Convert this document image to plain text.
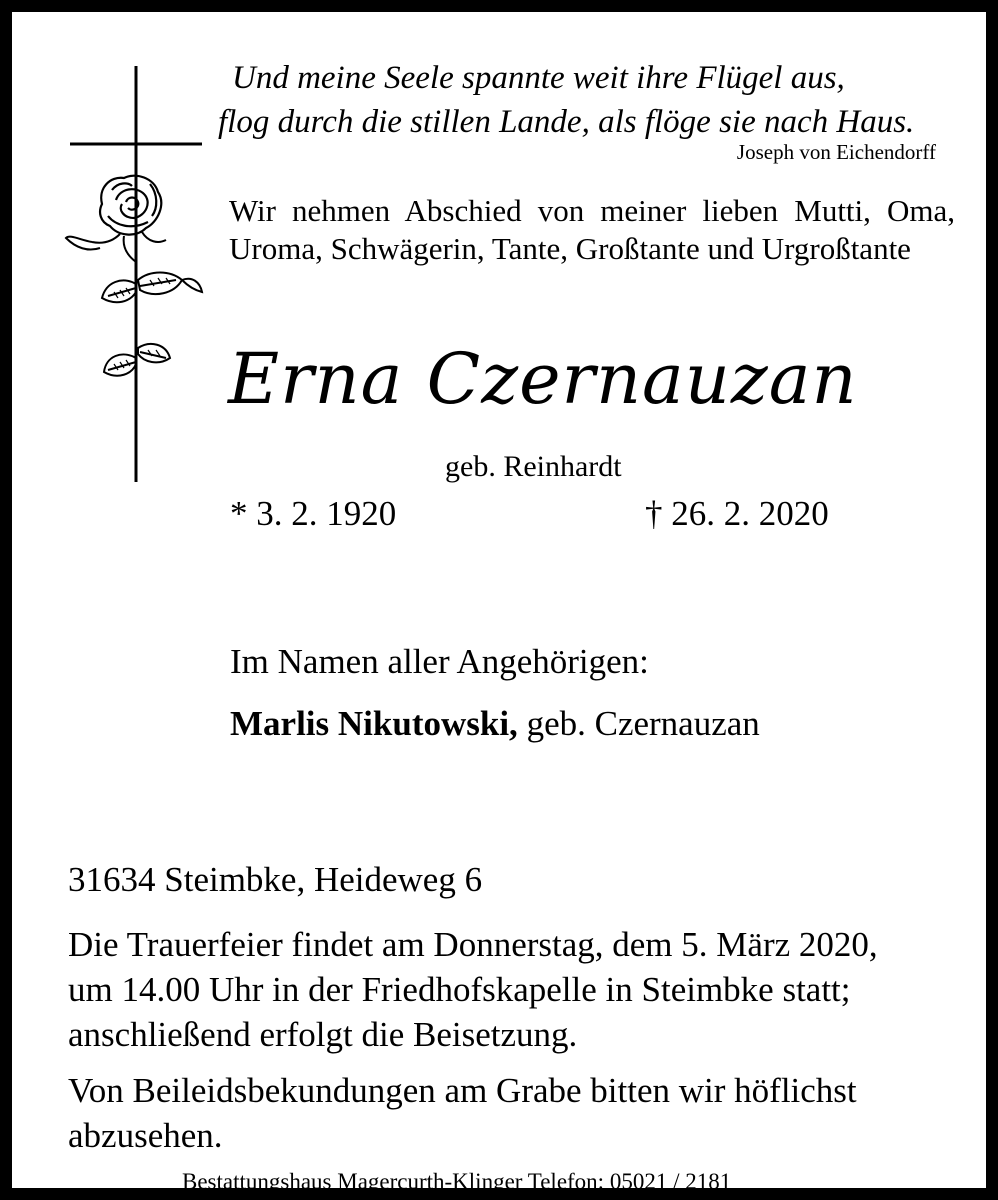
Und meine Seele spannte weit ihre Flügel aus,
flog durch die stillen Lande, als flöge sie nach Haus.
Joseph von Eichendorff
Wir nehmen Abschied von meiner lieben Mutti, Oma, Uroma, Schwägerin, Tante, Großtante und Urgroßtante
Erna Czernauzan
geb. Reinhardt
* 3. 2. 1920	† 26. 2. 2020
Im Namen aller Angehörigen:
Marlis Nikutowski, geb. Czernauzan
31634 Steimbke, Heideweg 6
Die Trauerfeier findet am Donnerstag, dem 5. März 2020,
um 14.00 Uhr in der Friedhofskapelle in Steimbke statt;
anschließend erfolgt die Beisetzung.
Von Beileidsbekundungen am Grabe bitten wir höflichst
abzusehen.
Bestattungshaus Magercurth-Klinger Telefon: 05021 / 2181
